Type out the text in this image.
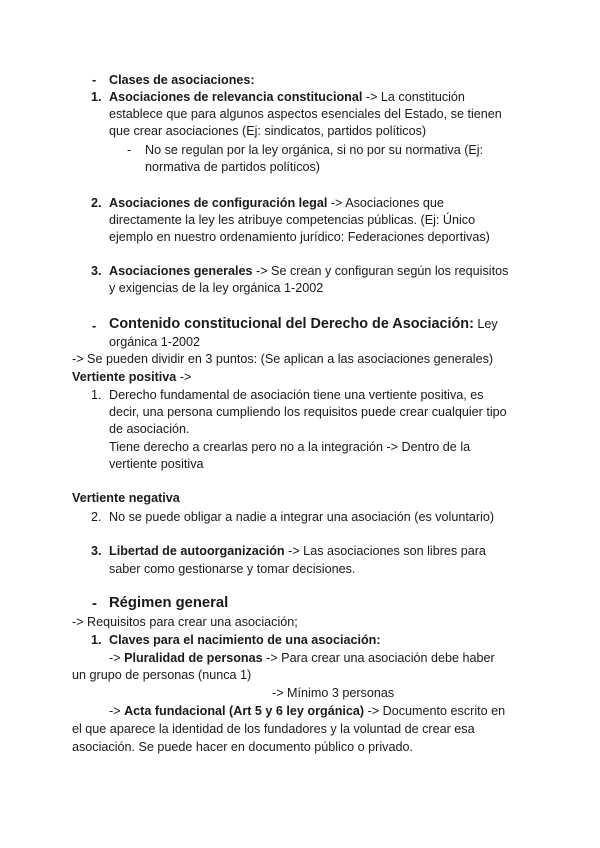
- Clases de asociaciones:
1. Asociaciones de relevancia constitucional -> La constitución
establece que para algunos aspectos esenciales del Estado, se tienen
que crear asociaciones (Ej: sindicatos, partidos políticos)
- No se regulan por la ley orgánica, si no por su normativa (Ej:
normativa de partidos políticos)
2. Asociaciones de configuración legal -> Asociaciones que
directamente la ley les atribuye competencias públicas. (Ej: Único
ejemplo en nuestro ordenamiento jurídico: Federaciones deportivas)
3. Asociaciones generales -> Se crean y configuran según los requisitos
y exigencias de la ley orgánica 1-2002
- Contenido constitucional del Derecho de Asociación: Ley
orgánica 1-2002
-> Se pueden dividir en 3 puntos: (Se aplican a las asociaciones generales)
Vertiente positiva ->
1. Derecho fundamental de asociación tiene una vertiente positiva, es
decir, una persona cumpliendo los requisitos puede crear cualquier tipo
de asociación.
Tiene derecho a crearlas pero no a la integración -> Dentro de la
vertiente positiva
Vertiente negativa
2. No se puede obligar a nadie a integrar una asociación (es voluntario)
3. Libertad de autoorganización -> Las asociaciones son libres para
saber como gestionarse y tomar decisiones.
- Régimen general
-> Requisitos para crear una asociación;
1. Claves para el nacimiento de una asociación:
-> Pluralidad de personas -> Para crear una asociación debe haber
un grupo de personas (nunca 1)
-> Mínimo 3 personas
-> Acta fundacional (Art 5 y 6 ley orgánica) -> Documento escrito en
el que aparece la identidad de los fundadores y la voluntad de crear esa
asociación. Se puede hacer en documento público o privado.
